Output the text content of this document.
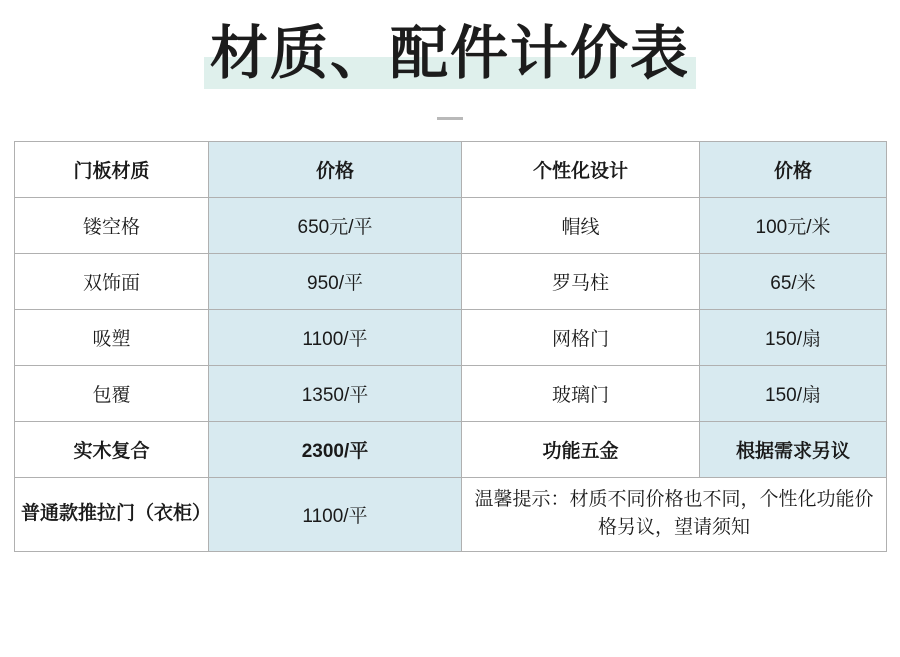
材质、配件计价表
门板材质	价格	个性化设计	价格
镂空格	650元/平	帽线	100元/米
双饰面	950/平	罗马柱	65/米
吸塑	1100/平	网格门	150/扇
包覆	1350/平	玻璃门	150/扇
实木复合	2300/平	功能五金	根据需求另议
普通款推拉门（衣柜）	1100/平	温馨提示：材质不同价格也不同，个性化功能价格另议，望请须知	
